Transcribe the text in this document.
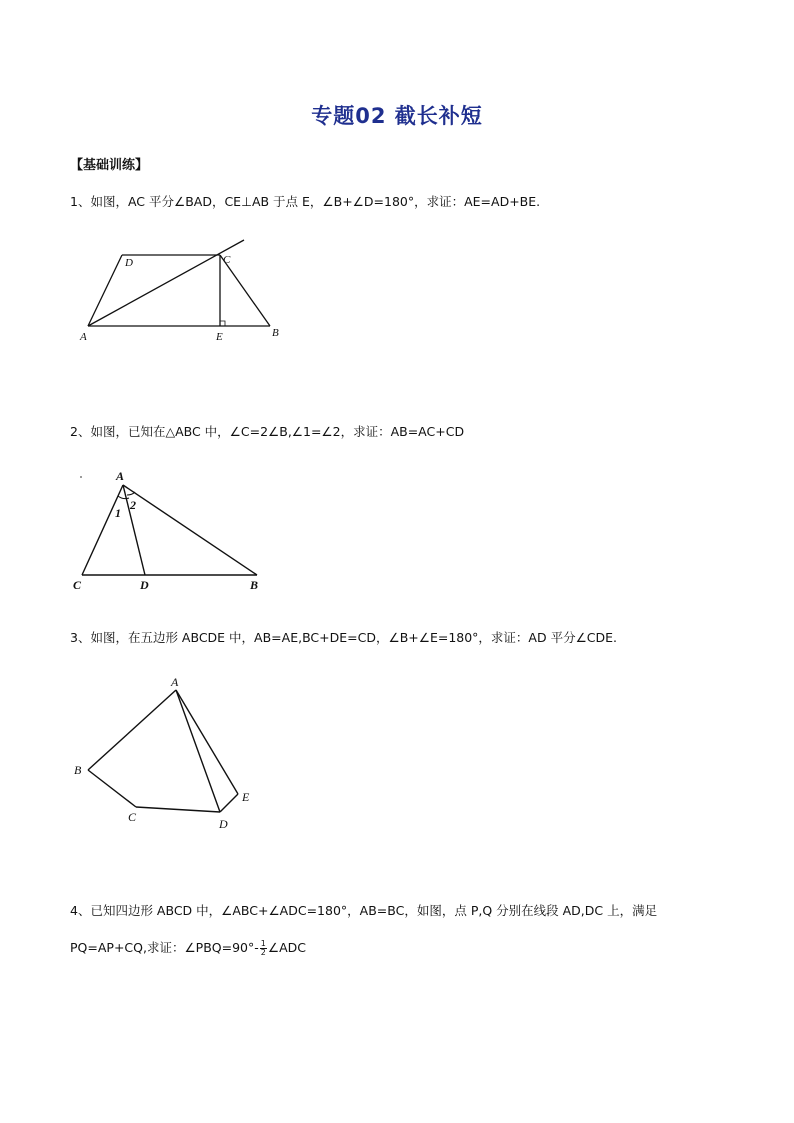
专题02 截长补短
【基础训练】
1、如图，AC 平分∠BAD，CE⊥AB 于点 E，∠B+∠D=180°，求证：AE=AD+BE.
A	B
C
D
E
2、如图，已知在△ABC 中，∠C=2∠B,∠1=∠2，求证：AB=AC+CD
A
B
C	D
1
2
3、如图，在五边形 ABCDE 中，AB=AE,BC+DE=CD，∠B+∠E=180°，求证：AD 平分∠CDE.
A
B
C	D
E
4、已知四边形 ABCD 中，∠ABC+∠ADC=180°，AB=BC，如图，点 P,Q 分别在线段 AD,DC 上，满足
PQ=AP+CQ,求证：∠PBQ=90°- $\frac{1}{2}$ ∠ADC
